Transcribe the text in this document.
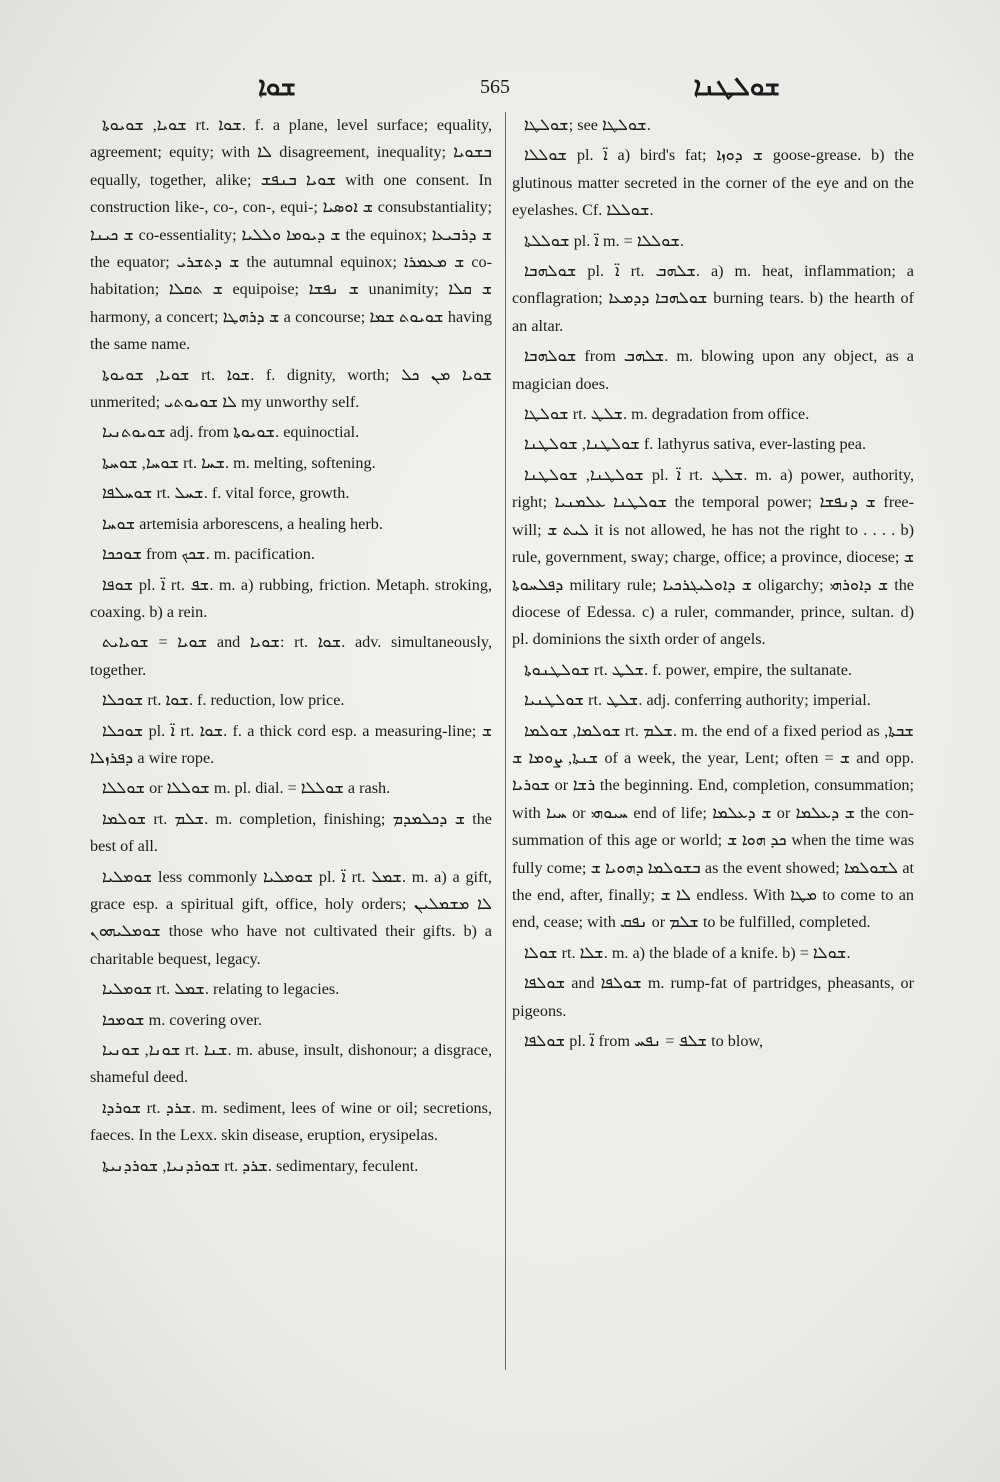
ܫܘܐ	565	ܫܘܠܛܢܐ

ܫܘܝܐ, ܫܘܝܘܬܐ rt. ܫܘܐ. f. a plane, level surface; equality, agreement; equity; with ܠܐ disagreement, inequality; ܒܫܘܝܐ equally, together, alike; ܫܘܝܐ ܒܢܦܫ with one consent. In construction like-, co-, con-, equi-; ܫ ܐܘܣܝܐ consubstantiality; ܫ ܟܝܢܐ co-essentiality; ܫ ܕܝܘܡܐ ܘܠܠܝܐ the equinox; ܫ ܕܪܒܝܥܐ the equator; ܫ ܕܬܫܪܝ the autumnal equinox; ܫ ܡܥܡܪܐ co-habitation; ܫ ܬܩܠܐ equipoise; ܫ ܢܦܫܐ unanimity; ܫ ܩܠܐ harmony, a concert; ܫ ܕܪܗܛܐ a concourse; ܫܘܝܘܬ ܫܡܐ having the same name.

ܫܘܝܐ, ܫܘܝܘܬܐ rt. ܫܘܐ. f. dignity, worth; ܫܘܝܐ ܡܢ ܟܠ unmerited; ܠܐ ܫܘܝܘܬܝ my unworthy self.

ܫܘܝܘܬܢܝܐ adj. from ܫܘܝܘܬܐ. equinoctial.

ܫܘܚܐ, ܫܘܚܬܐ rt. ܫܚܐ. m. melting, softening.

ܫܘܚܠܦܐ rt. ܫܚܠ. f. vital force, growth.

ܫܘܚܐ artemisia arborescens, a healing herb.

ܫܘܟܟܐ from ܫܟܟ. m. pacification.

ܫܘܦܐ pl. ܐ̈ rt. ܫܦ. m. a) rubbing, friction. Metaph. stroking, coaxing. b) a rein.

ܫܘܝܐ = ܫܘܝܐܝܬ and ܫܘܝܐ: rt. ܫܘܐ. adv. simultaneously, together.

ܫܘܟܠܐ rt. ܫܘܐ. f. reduction, low price.

ܫܘܟܠܐ pl. ܐ̈ rt. ܫܘܐ. f. a thick cord esp. a measuring-line; ܫ ܕܦܪܙܠܐ a wire rope.

ܫܘܠܠܐ or ܫܘܠܠܐ m. pl. dial. = ܫܘܠܠܐ a rash.

ܫܘܠܡܐ rt. ܫܠܡ. m. completion, finishing; ܫ ܕܟܠܡܕܡ the best of all.

ܫܘܡܠܝܐ less commonly ܫܘܡܠܝܐ pl. ܐ̈ rt. ܫܡܠ. m. a) a gift, grace esp. a spiritual gift, office, holy orders; ܠܐ ܡܫܡܠܝܢ ܫܘܡܠܝܗܘܢ those who have not cultivated their gifts. b) a charitable bequest, legacy.

ܫܘܡܠܝܐ rt. ܫܡܠ. relating to legacies.

ܫܘܡܟܐ m. covering over.

ܫܘܢܐ, ܫܘܢܝܐ rt. ܫܢܐ. m. abuse, insult, dishonour; a disgrace, shameful deed.

ܫܘܪܕܐ rt. ܫܪܕ. m. sediment, lees of wine or oil; secretions, faeces. In the Lexx. skin disease, eruption, erysipelas.

ܫܘܪܕܢܝܐ, ܫܘܪܕܢܝܬܐ rt. ܫܪܕ. sedimentary, feculent.

ܫܘܠܛܐ; see ܫܘܠܛܐ.

ܫܘܠܠܐ pl. ܐ̈ a) bird's fat; ܫ ܕܘܙܐ goose-grease. b) the glutinous matter secreted in the corner of the eye and on the eyelashes. Cf. ܫܘܠܠܐ.

ܫܘܠܠܬܐ pl. ܐ̈ m. = ܫܘܠܠܐ.

ܫܘܠܗܒܐ pl. ܐ̈ rt. ܫܠܗܒ. a) m. heat, inflammation; a conflagration; ܫܘܠܗܒܐ ܕܕܡܥܐ burning tears. b) the hearth of an altar.

ܫܘܠܗܒܐ from ܫܠܗܒ. m. blowing upon any object, as a magician does.

ܫܘܠܛܐ rt. ܫܠܛ. m. degradation from office.

ܫܘܠܛܢܐ, ܫܘܠܛܢܐ f. lathyrus sativa, ever-lasting pea.

ܫܘܠܛܢܐ, ܫܘܠܛܢܐ pl. ܐ̈ rt. ܫܠܛ. m. a) power, authority, right; ܫܘܠܛܢܐ ܥܠܡܢܝܐ the temporal power; ܫ ܕܢܦܫܐ free-will; ܠܝܬ ܫ it is not allowed, he has not the right to . . . . b) rule, government, sway; charge, office; a province, diocese; ܫ ܕܦܠܚܘܬܐ military rule; ܫ ܕܐܘܠܝܓܪܟܝܐ oligarchy; ܫ ܕܐܘܪܗܝ the diocese of Edessa. c) a ruler, commander, prince, sultan. d) pl. dominions the sixth order of angels.

ܫܘܠܛܢܘܬܐ rt. ܫܠܛ. f. power, empire, the sultanate.

ܫܘܠܛܢܝܐ rt. ܫܠܛ. adj. conferring authority; imperial.

ܫܘܠܡܐ, ܫܘܠܡܐ rt. ܫܠܡ. m. the end of a fixed period as ܫܒܬܐ, ܫܢܬܐ, ܨܘܡܐ ܫ of a week, the year, Lent; often = ܫ and opp. ܫܘܪܝܐ or ܪܫܐ the beginning. End, completion, consummation; with ܚܝܐ or ܚܝܘܗܝ end of life; ܫ ܕܥܠܡܐ or ܫ ܕܥܠܡܐ the con-summation of this age or world; ܟܕ ܗܘܐ ܫ when the time was fully come; ܒܫܘܠܡܐ ܕܗܘܝܐ ܫ as the event showed; ܠܫܘܠܡܐ at the end, after, finally; ܠܐ ܫ endless. With ܡܛܐ to come to an end, cease; with ܢܦܩ or ܫܠܡ to be fulfilled, completed.

ܫܘܠܐ rt. ܫܠܐ. m. a) the blade of a knife. b) = ܫܘܠܐ.

ܫܘܠܦܐ and ܫܘܠܦܐ m. rump-fat of partridges, pheasants, or pigeons.

ܫܘܠܦܐ pl. ܐ̈ from ܫܠܦ = ܢܦܚ to blow,
